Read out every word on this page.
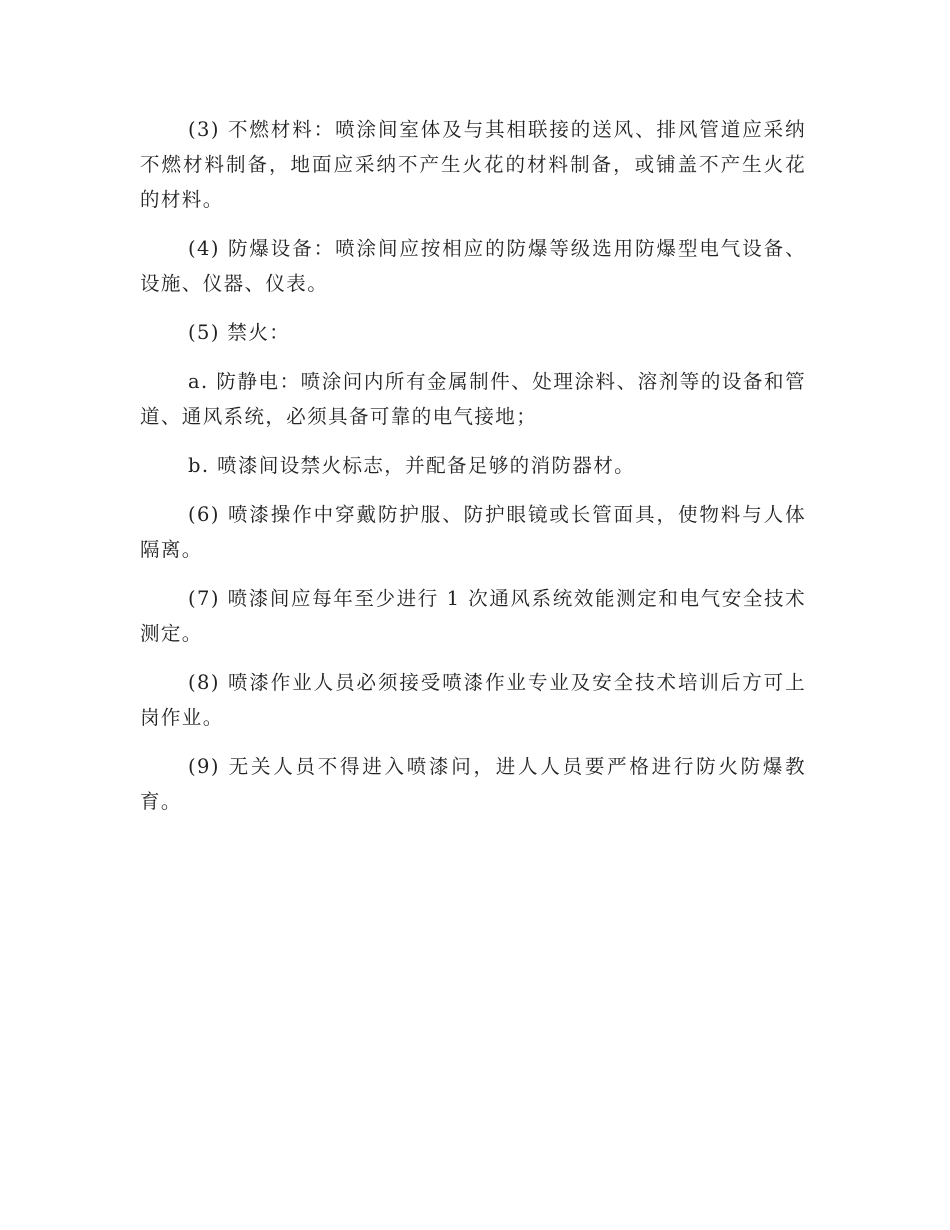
(3) 不燃材料：喷涂间室体及与其相联接的送风、排风管道应采纳不燃材料制备，地面应采纳不产生火花的材料制备，或铺盖不产生火花的材料。

(4) 防爆设备：喷涂间应按相应的防爆等级选用防爆型电气设备、设施、仪器、仪表。

(5) 禁火：

a. 防静电：喷涂问内所有金属制件、处理涂料、溶剂等的设备和管道、通风系统，必须具备可靠的电气接地；

b. 喷漆间设禁火标志，并配备足够的消防器材。

(6) 喷漆操作中穿戴防护服、防护眼镜或长管面具，使物料与人体隔离。

(7) 喷漆间应每年至少进行 1 次通风系统效能测定和电气安全技术测定。

(8) 喷漆作业人员必须接受喷漆作业专业及安全技术培训后方可上岗作业。

(9) 无关人员不得进入喷漆问，进人人员要严格进行防火防爆教育。
